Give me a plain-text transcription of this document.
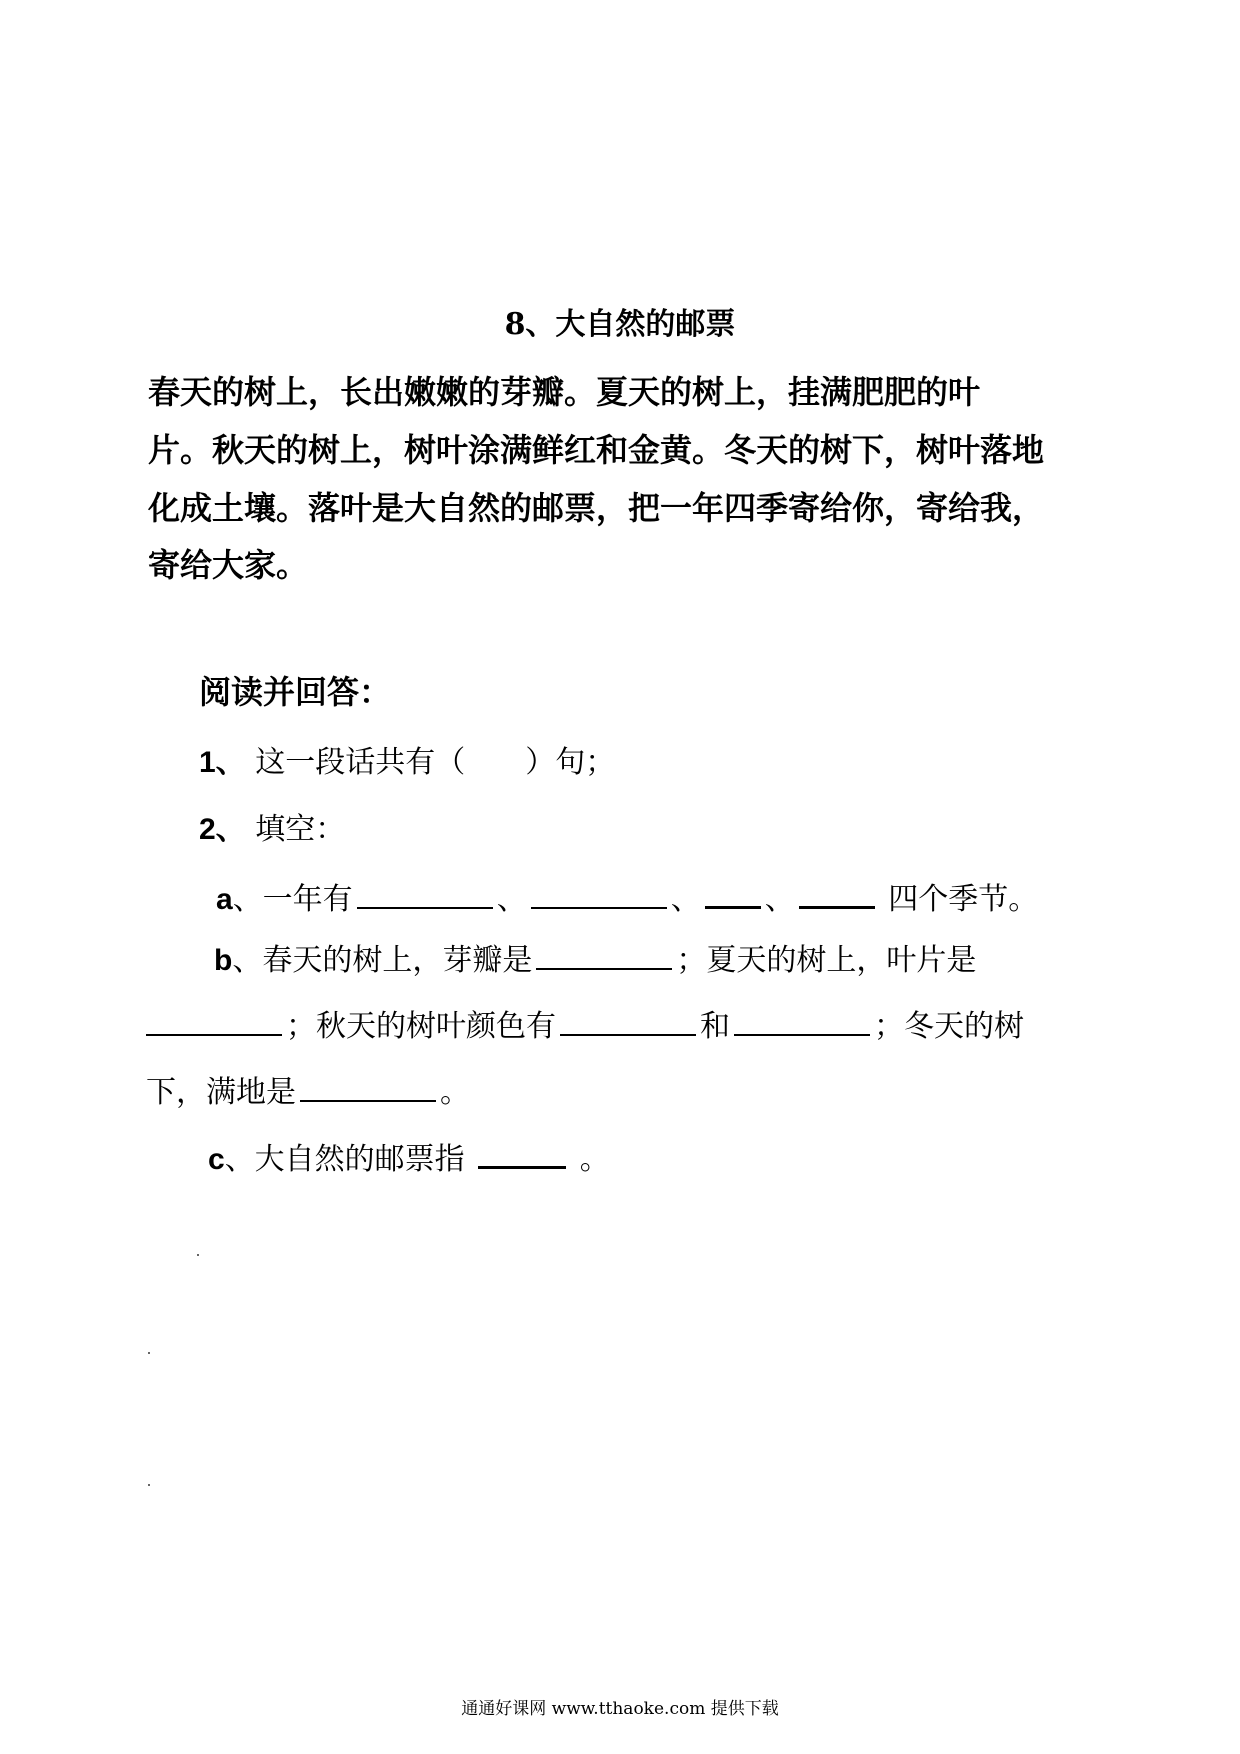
8、大自然的邮票
春天的树上，长出嫩嫩的芽瓣。夏天的树上，挂满肥肥的叶
片。秋天的树上，树叶涂满鲜红和金黄。冬天的树下，树叶落地
化成土壤。落叶是大自然的邮票，把一年四季寄给你，寄给我，
寄给大家。
阅读并回答：
1、 这一段话共有（ ）句；
2、 填空：
a、一年有	、	、 、	四个季节。
b、春天的树上，芽瓣是	；夏天的树上，叶片是
；秋天的树叶颜色有	和	；冬天的树
下，满地是	。
c、大自然的邮票指	。
通通好课网 www.tthaoke.com 提供下载
